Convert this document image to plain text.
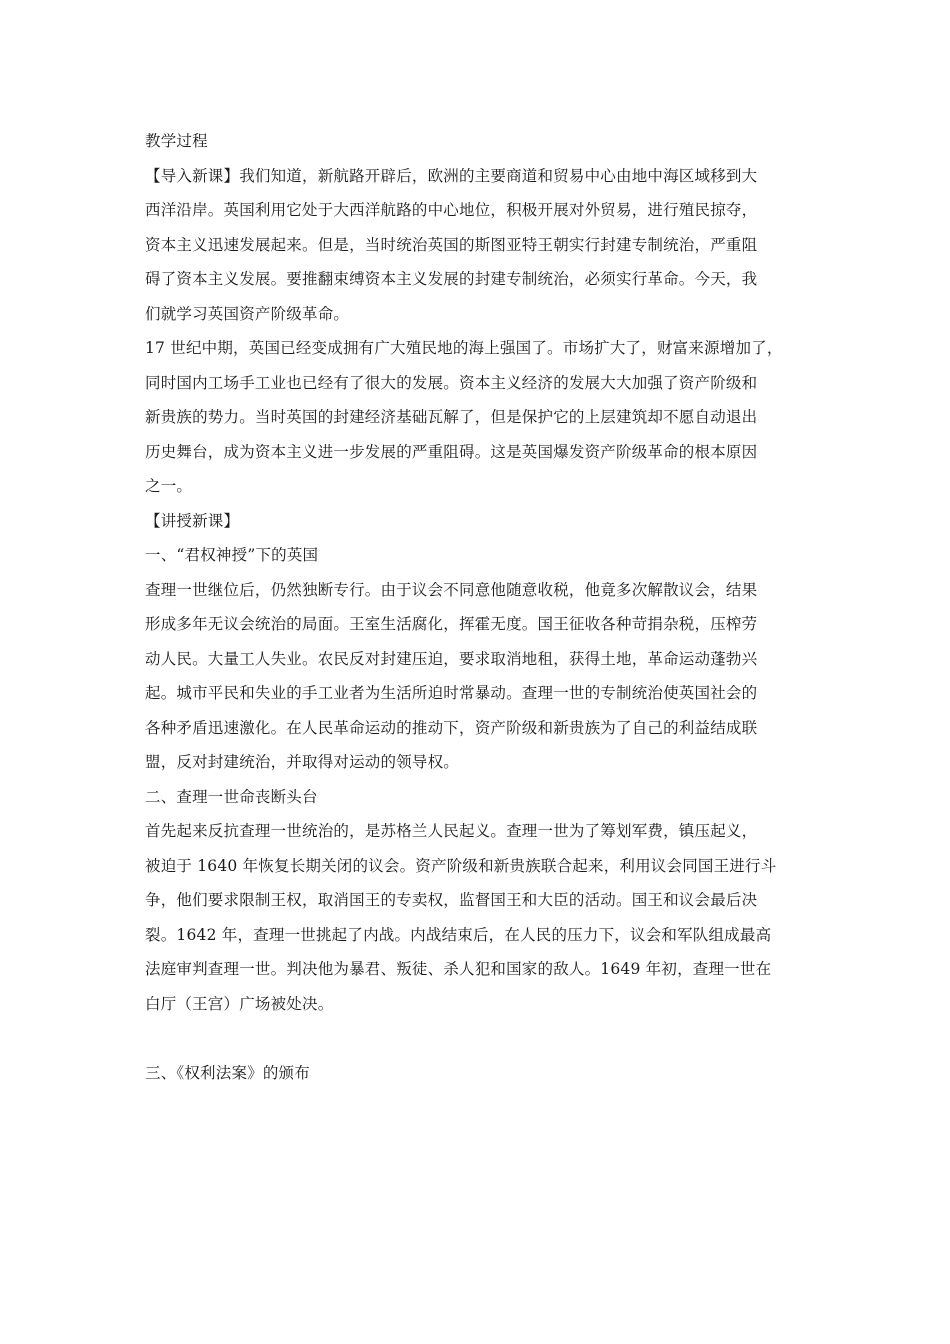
教学过程
【导入新课】我们知道，新航路开辟后，欧洲的主要商道和贸易中心由地中海区域移到大
西洋沿岸。英国利用它处于大西洋航路的中心地位，积极开展对外贸易，进行殖民掠夺，
资本主义迅速发展起来。但是，当时统治英国的斯图亚特王朝实行封建专制统治，严重阻
碍了资本主义发展。要推翻束缚资本主义发展的封建专制统治，必须实行革命。今天，我
们就学习英国资产阶级革命。
17 世纪中期，英国已经变成拥有广大殖民地的海上强国了。市场扩大了，财富来源增加了，
同时国内工场手工业也已经有了很大的发展。资本主义经济的发展大大加强了资产阶级和
新贵族的势力。当时英国的封建经济基础瓦解了，但是保护它的上层建筑却不愿自动退出
历史舞台，成为资本主义进一步发展的严重阻碍。这是英国爆发资产阶级革命的根本原因
之一。
【讲授新课】
一、“君权神授”下的英国
查理一世继位后，仍然独断专行。由于议会不同意他随意收税，他竟多次解散议会，结果
形成多年无议会统治的局面。王室生活腐化，挥霍无度。国王征收各种苛捐杂税，压榨劳
动人民。大量工人失业。农民反对封建压迫，要求取消地租，获得土地，革命运动蓬勃兴
起。城市平民和失业的手工业者为生活所迫时常暴动。查理一世的专制统治使英国社会的
各种矛盾迅速激化。在人民革命运动的推动下，资产阶级和新贵族为了自己的利益结成联
盟，反对封建统治，并取得对运动的领导权。
二、查理一世命丧断头台
首先起来反抗查理一世统治的，是苏格兰人民起义。查理一世为了筹划军费，镇压起义，
被迫于 1640 年恢复长期关闭的议会。资产阶级和新贵族联合起来，利用议会同国王进行斗
争，他们要求限制王权，取消国王的专卖权，监督国王和大臣的活动。国王和议会最后决
裂。1642 年，查理一世挑起了内战。内战结束后，在人民的压力下，议会和军队组成最高
法庭审判查理一世。判决他为暴君、叛徒、杀人犯和国家的敌人。1649 年初，查理一世在
白厅（王宫）广场被处决。
三、《权利法案》的颁布
